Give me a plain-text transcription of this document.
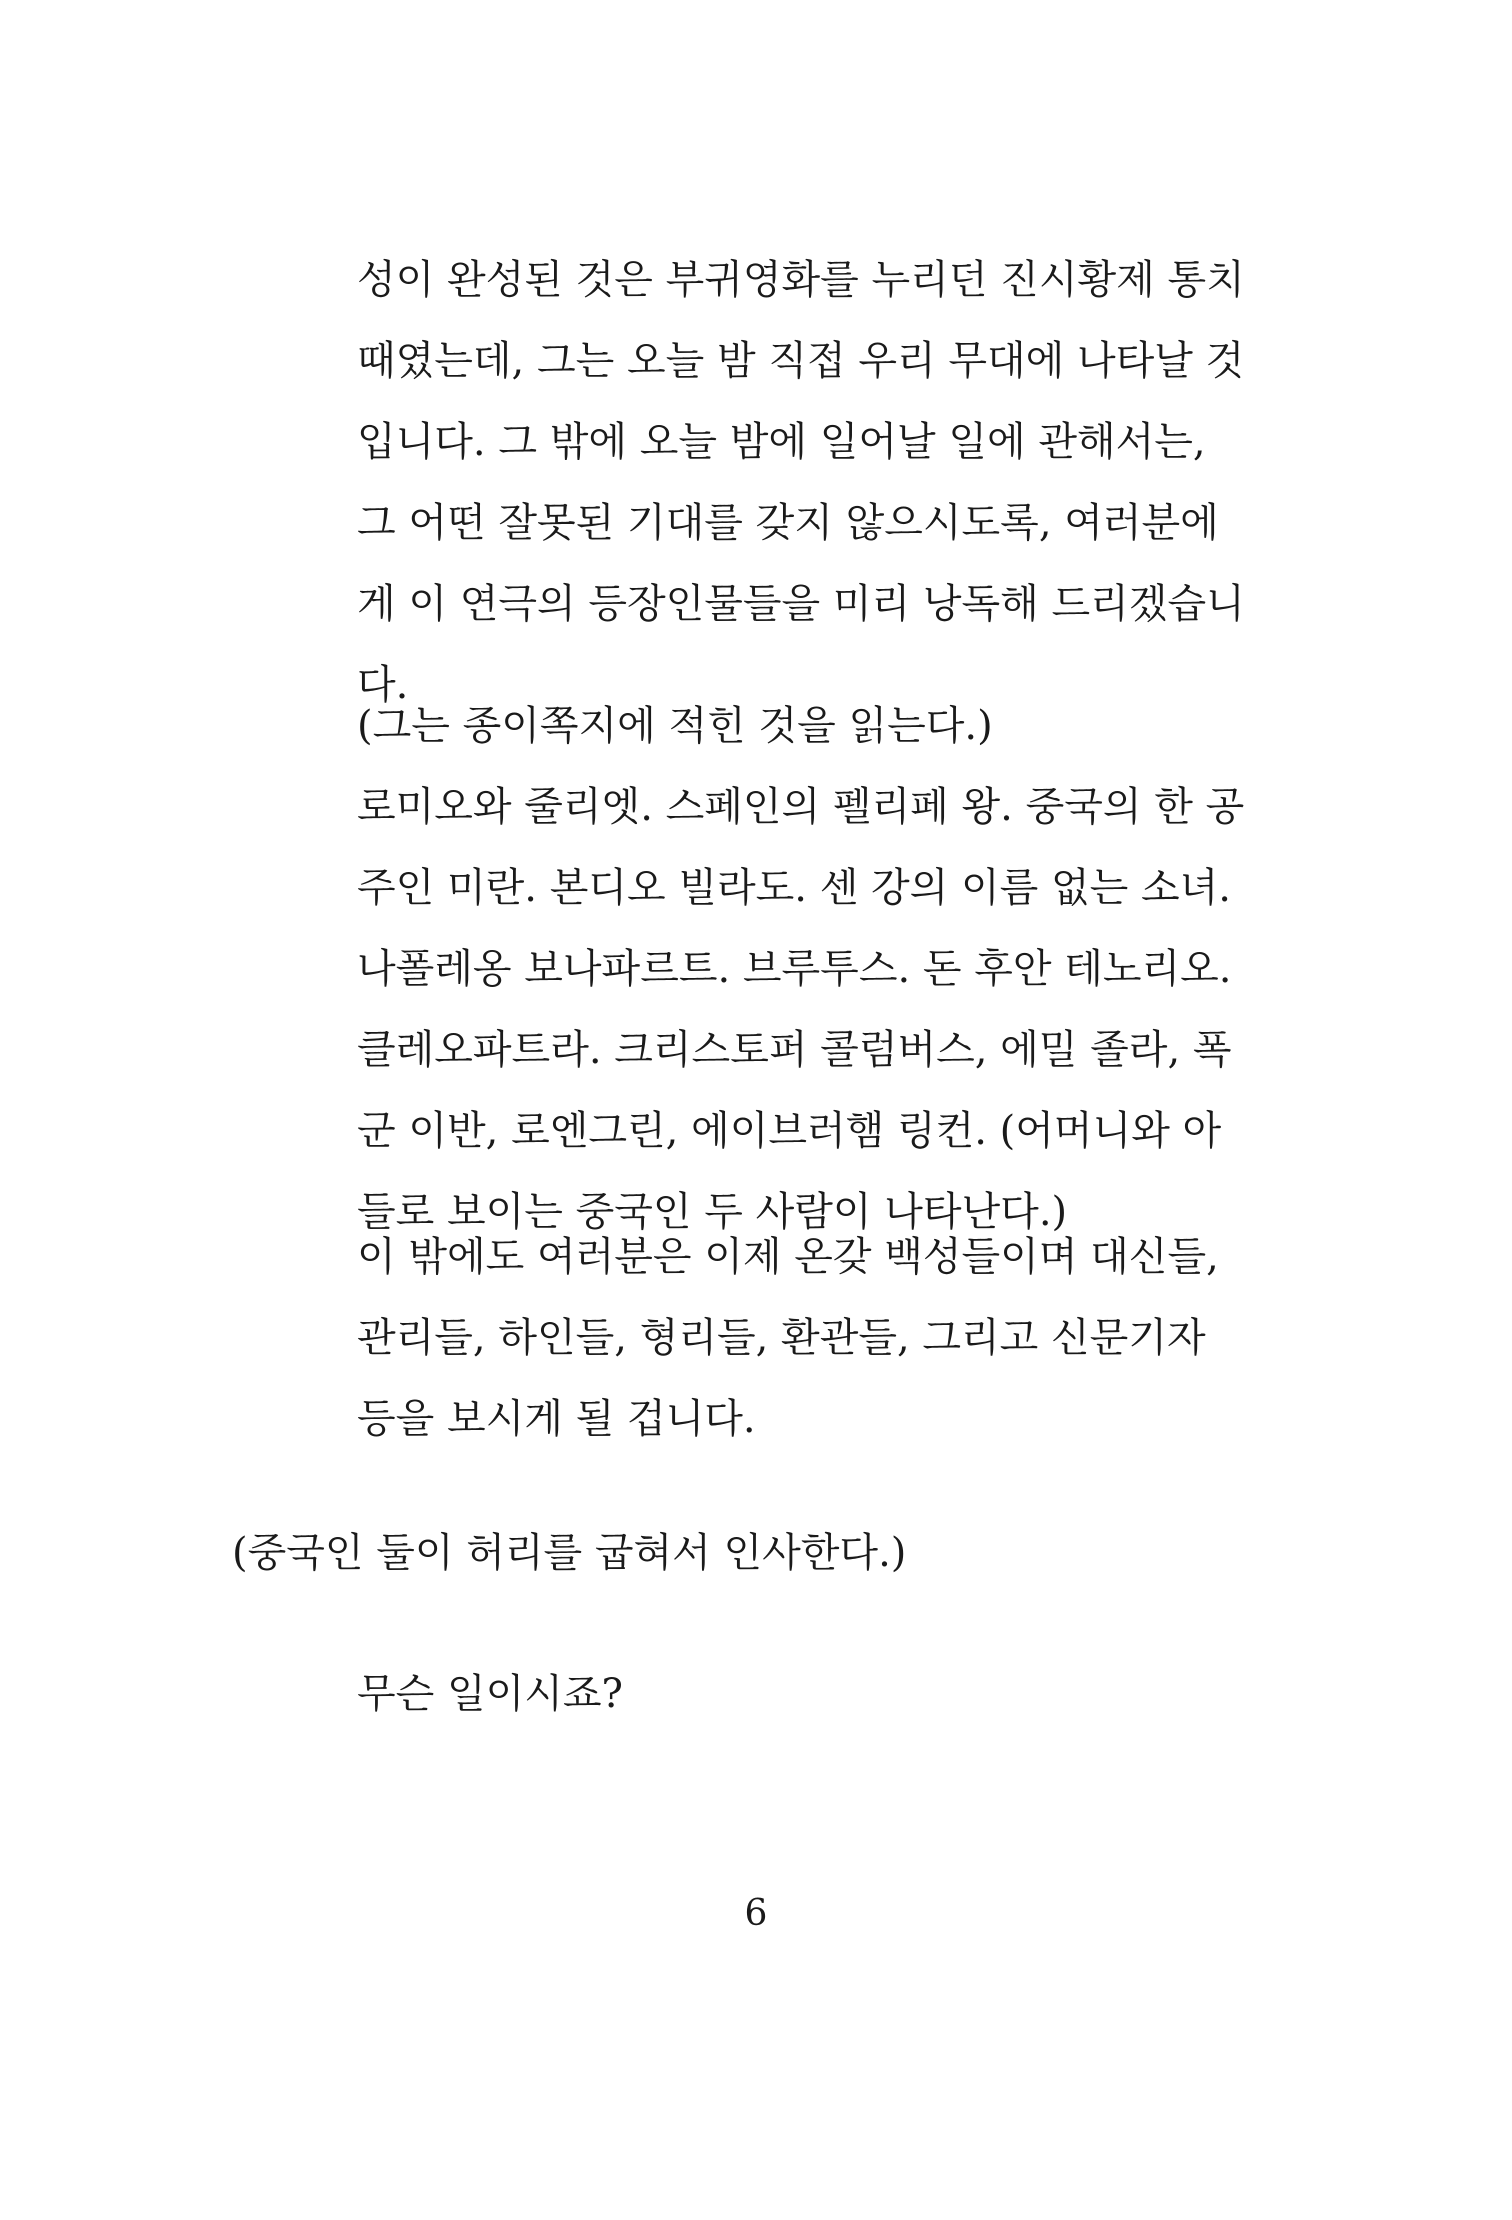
성이 완성된 것은 부귀영화를 누리던 진시황제 통치

때였는데, 그는 오늘 밤 직접 우리 무대에 나타날 것

입니다. 그 밖에 오늘 밤에 일어날 일에 관해서는,

그 어떤 잘못된 기대를 갖지 않으시도록, 여러분에

게 이 연극의 등장인물들을 미리 낭독해 드리겠습니

다.

(그는 종이쪽지에 적힌 것을 읽는다.)

로미오와 줄리엣. 스페인의 펠리페 왕. 중국의 한 공

주인 미란. 본디오 빌라도. 센 강의 이름 없는 소녀.

나폴레옹 보나파르트. 브루투스. 돈 후안 테노리오.

클레오파트라. 크리스토퍼 콜럼버스, 에밀 졸라, 폭

군 이반, 로엔그린, 에이브러햄 링컨. (어머니와 아

들로 보이는 중국인 두 사람이 나타난다.)

이 밖에도 여러분은 이제 온갖 백성들이며 대신들,

관리들, 하인들, 형리들, 환관들, 그리고 신문기자

등을 보시게 될 겁니다.

(중국인 둘이 허리를 굽혀서 인사한다.)

무슨 일이시죠?

6
